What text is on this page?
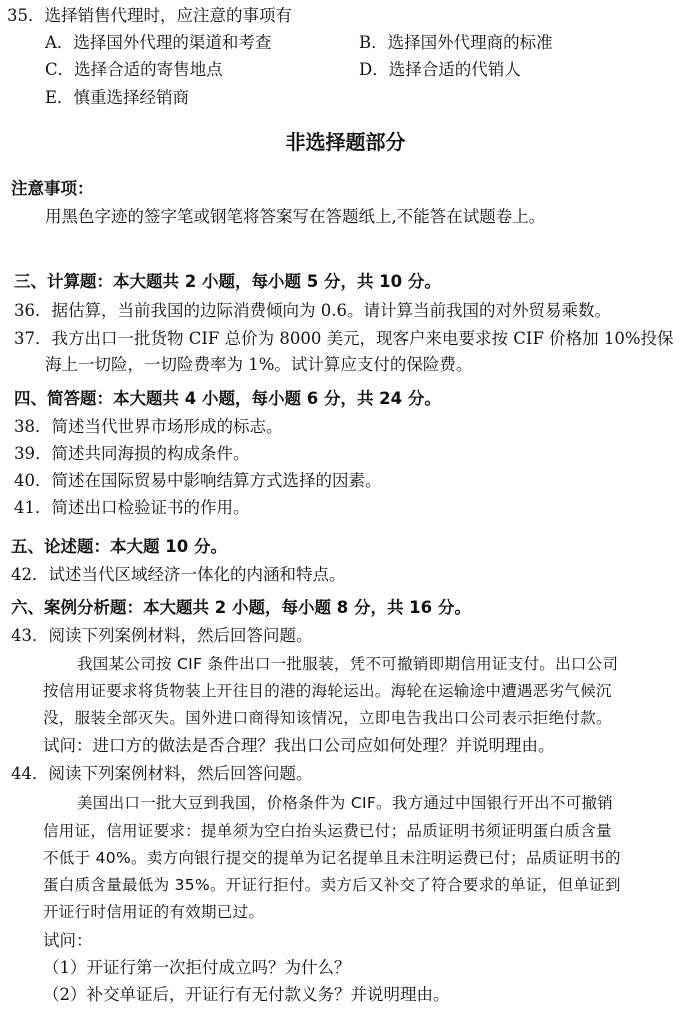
35．选择销售代理时，应注意的事项有
A．选择国外代理的渠道和考查	B．选择国外代理商的标准
C．选择合适的寄售地点	D．选择合适的代销人
E．慎重选择经销商
非选择题部分
注意事项：
用黑色字迹的签字笔或钢笔将答案写在答题纸上,不能答在试题卷上。
三、计算题：本大题共 2 小题，每小题 5 分，共 10 分。
36．据估算，当前我国的边际消费倾向为 0.6。请计算当前我国的对外贸易乘数。
37．我方出口一批货物 CIF 总价为 8000 美元，现客户来电要求按 CIF 价格加 10%投保
海上一切险，一切险费率为 1%。试计算应支付的保险费。
四、简答题：本大题共 4 小题，每小题 6 分，共 24 分。
38．简述当代世界市场形成的标志。
39．简述共同海损的构成条件。
40．简述在国际贸易中影响结算方式选择的因素。
41．简述出口检验证书的作用。
五、论述题：本大题 10 分。
42．试述当代区域经济一体化的内涵和特点。
六、案例分析题：本大题共 2 小题，每小题 8 分，共 16 分。
43．阅读下列案例材料，然后回答问题。
我国某公司按 CIF 条件出口一批服装，凭不可撤销即期信用证支付。出口公司
按信用证要求将货物装上开往目的港的海轮运出。海轮在运输途中遭遇恶劣气候沉
没，服装全部灭失。国外进口商得知该情况，立即电告我出口公司表示拒绝付款。
试问：进口方的做法是否合理？我出口公司应如何处理？并说明理由。
44．阅读下列案例材料，然后回答问题。
美国出口一批大豆到我国，价格条件为 CIF。我方通过中国银行开出不可撤销
信用证，信用证要求：提单须为空白抬头运费已付；品质证明书须证明蛋白质含量
不低于 40%。卖方向银行提交的提单为记名提单且未注明运费已付；品质证明书的
蛋白质含量最低为 35%。开证行拒付。卖方后又补交了符合要求的单证，但单证到
开证行时信用证的有效期已过。
试问：
（1）开证行第一次拒付成立吗？为什么？
（2）补交单证后，开证行有无付款义务？并说明理由。
